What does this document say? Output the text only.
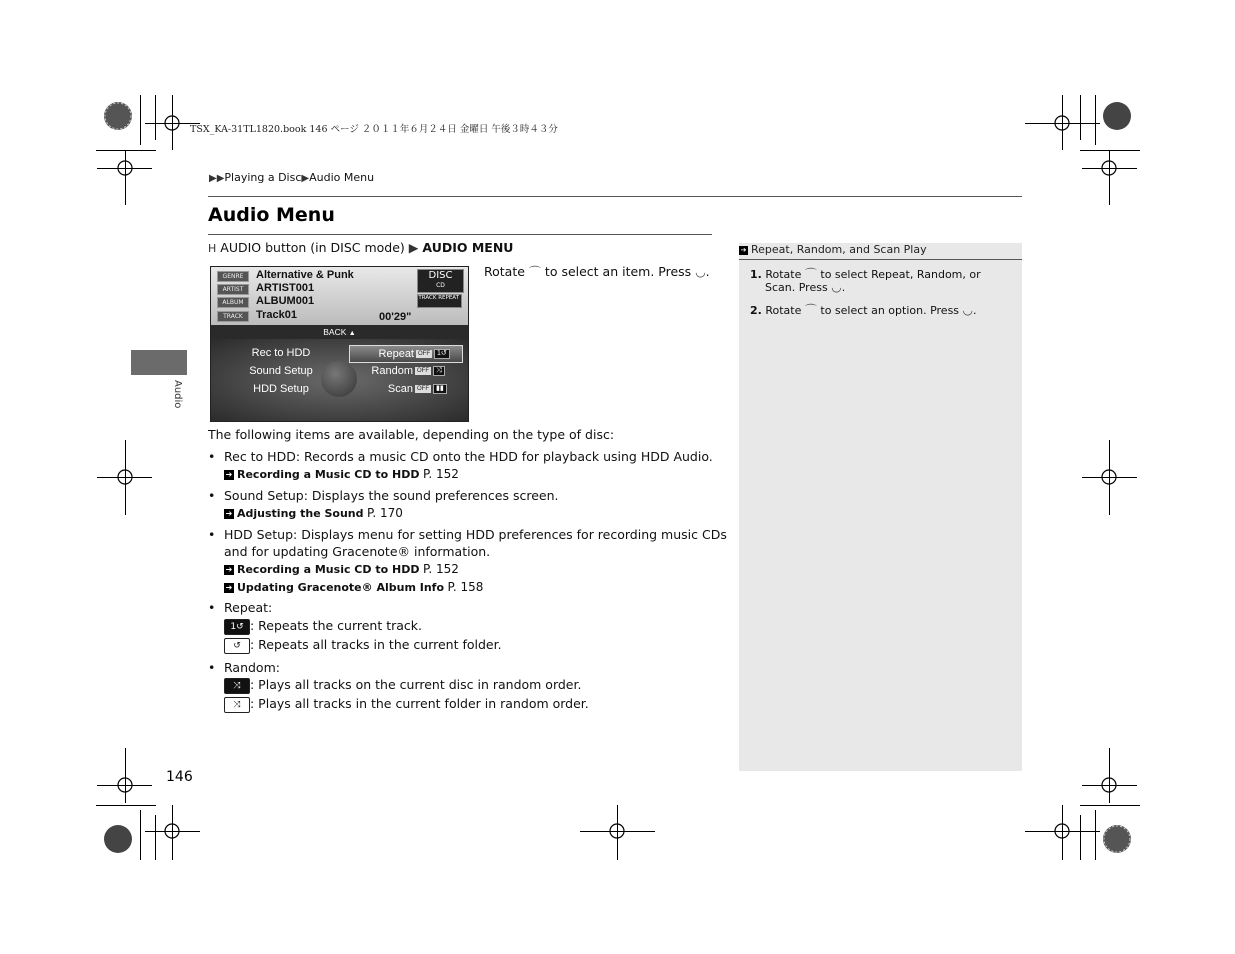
TSX_KA-31TL1820.book 146 ページ ２０１１年６月２４日 金曜日 午後３時４３分
▶▶Playing a Disc▶Audio Menu
Audio Menu
H AUDIO button (in DISC mode) ▶ AUDIO MENU
GENRE
ARTIST
ALBUM
TRACK
Alternative & Punk
ARTIST001
ALBUM001
Track01
DISC
CD
TRACK REPEAT
00'29"
BACK ▲
Rec to HDD
Sound Setup
HDD Setup
Repeat OFF 1↺
Random OFF ⤨
Scan OFF ▮▮
Rotate ⌒ to select an item. Press ◡.
The following items are available, depending on the type of disc:
• Rec to HDD: Records a music CD onto the HDD for playback using HDD Audio.
➔ Recording a Music CD to HDD P. 152
• Sound Setup: Displays the sound preferences screen.
➔ Adjusting the Sound P. 170
• HDD Setup: Displays menu for setting HDD preferences for recording music CDs
and for updating Gracenote® information.
➔ Recording a Music CD to HDD P. 152
➔ Updating Gracenote® Album Info P. 158
• Repeat:
1↺ : Repeats the current track.
↺ : Repeats all tracks in the current folder.
• Random:
⤨ : Plays all tracks on the current disc in random order.
⤨ : Plays all tracks in the current folder in random order.
Audio
➔ Repeat, Random, and Scan Play
1. Rotate ⌒ to select Repeat, Random, or
Scan. Press ◡.
2. Rotate ⌒ to select an option. Press ◡.
146
